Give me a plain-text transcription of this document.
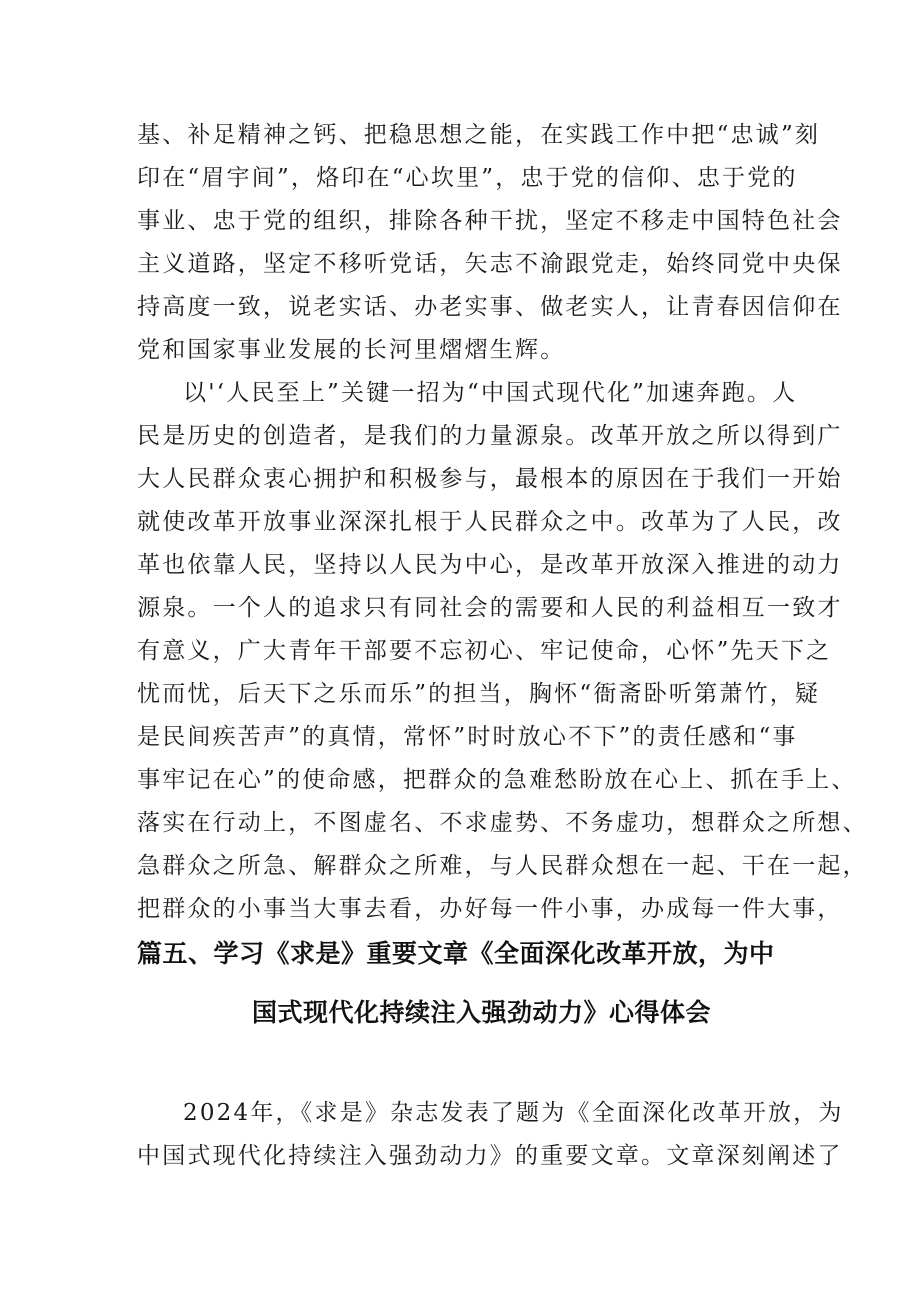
基、补足精神之钙、把稳思想之能，在实践工作中把“忠诚”刻
印在“眉宇间”，烙印在“心坎里”，忠于党的信仰、忠于党的
事业、忠于党的组织，排除各种干扰，坚定不移走中国特色社会
主义道路，坚定不移听党话，矢志不渝跟党走，始终同党中央保
持高度一致，说老实话、办老实事、做老实人，让青春因信仰在
党和国家事业发展的长河里熠熠生辉。
以'‘人民至上”关键一招为“中国式现代化”加速奔跑。人
民是历史的创造者，是我们的力量源泉。改革开放之所以得到广
大人民群众衷心拥护和积极参与，最根本的原因在于我们一开始
就使改革开放事业深深扎根于人民群众之中。改革为了人民，改
革也依靠人民，坚持以人民为中心，是改革开放深入推进的动力
源泉。一个人的追求只有同社会的需要和人民的利益相互一致才
有意义，广大青年干部要不忘初心、牢记使命，心怀”先天下之
忧而忧，后天下之乐而乐”的担当，胸怀“衙斋卧听第萧竹，疑
是民间疾苦声”的真情，常怀”时时放心不下”的责任感和“事
事牢记在心”的使命感，把群众的急难愁盼放在心上、抓在手上、
落实在行动上，不图虚名、不求虚势、不务虚功，想群众之所想、
急群众之所急、解群众之所难，与人民群众想在一起、干在一起，
把群众的小事当大事去看，办好每一件小事，办成每一件大事，
篇五、学习《求是》重要文章《全面深化改革开放，为中
国式现代化持续注入强劲动力》心得体会
2024年，《求是》杂志发表了题为《全面深化改革开放，为
中国式现代化持续注入强劲动力》的重要文章。文章深刻阐述了
